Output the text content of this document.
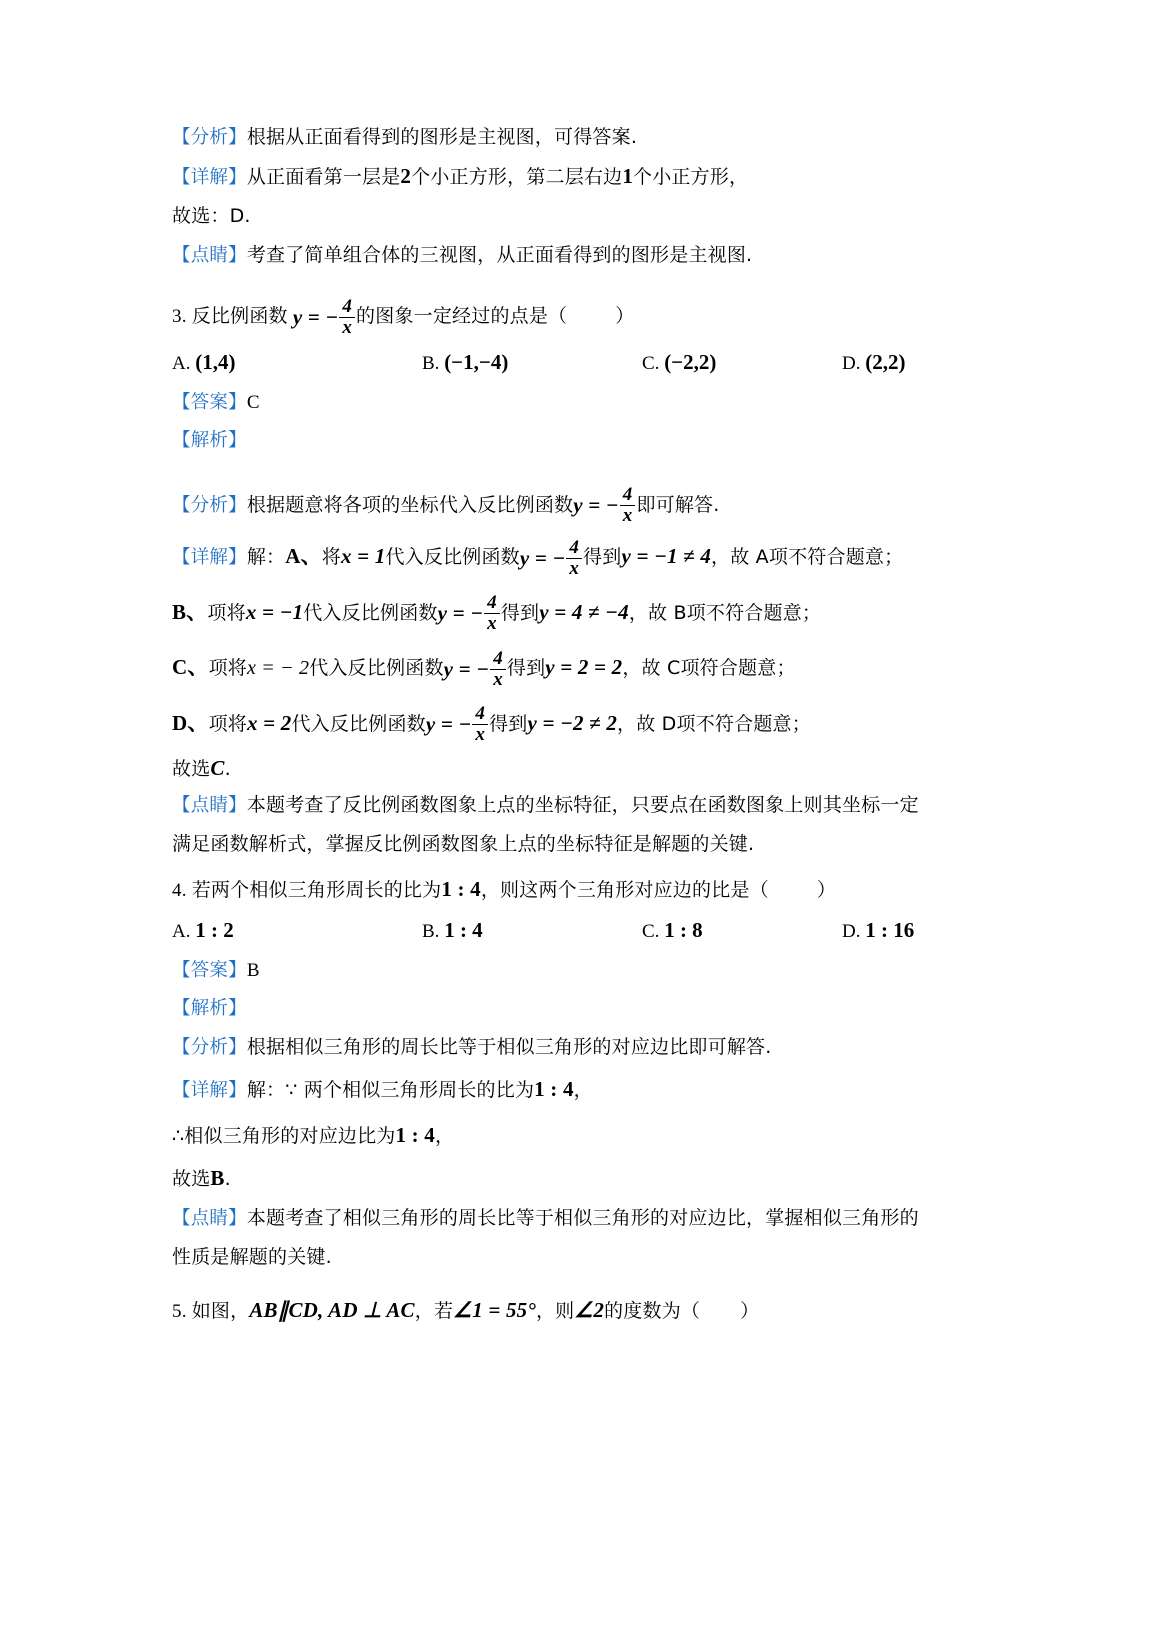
【分析】根据从正面看得到的图形是主视图，可得答案.
【详解】从正面看第一层是2个小正方形，第二层右边1个小正方形，
故选：D.
【点睛】考查了简单组合体的三视图，从正面看得到的图形是主视图.
3. 反比例函数 y = − $\frac{4}{x}$ 的图象一定经过的点是（	）
A. (1,4)	B. (−1,−4)	C. (−2,2)	D. (2,2)
【答案】C
【解析】
【分析】根据题意将各项的坐标代入反比例函数y = − $\frac{4}{x}$ 即可解答.
【详解】解：A、将x = 1代入反比例函数y = − $\frac{4}{x}$ 得到y = −1 ≠ 4，故 A项不符合题意；
B、项将x = −1代入反比例函数y = − $\frac{4}{x}$ 得到y = 4 ≠ −4，故 B项不符合题意；
C、项将x = − 2代入反比例函数y = − $\frac{4}{x}$ 得到y = 2 = 2，故 C项符合题意；
D、项将x = 2代入反比例函数y = − $\frac{4}{x}$ 得到y = −2 ≠ 2，故 D项不符合题意；
故选C.
【点睛】本题考查了反比例函数图象上点的坐标特征，只要点在函数图象上则其坐标一定
满足函数解析式，掌握反比例函数图象上点的坐标特征是解题的关键.
4. 若两个相似三角形周长的比为1 : 4，则这两个三角形对应边的比是（	）
A. 1 : 2	B. 1 : 4	C. 1 : 8	D. 1 : 16
【答案】B
【解析】
【分析】根据相似三角形的周长比等于相似三角形的对应边比即可解答.
【详解】解：∵ 两个相似三角形周长的比为1 : 4，
∴相似三角形的对应边比为1 : 4，
故选B.
【点睛】本题考查了相似三角形的周长比等于相似三角形的对应边比，掌握相似三角形的
性质是解题的关键.
5. 如图，AB∥CD, AD ⊥ AC，若∠1 = 55°，则∠2的度数为（ ）
